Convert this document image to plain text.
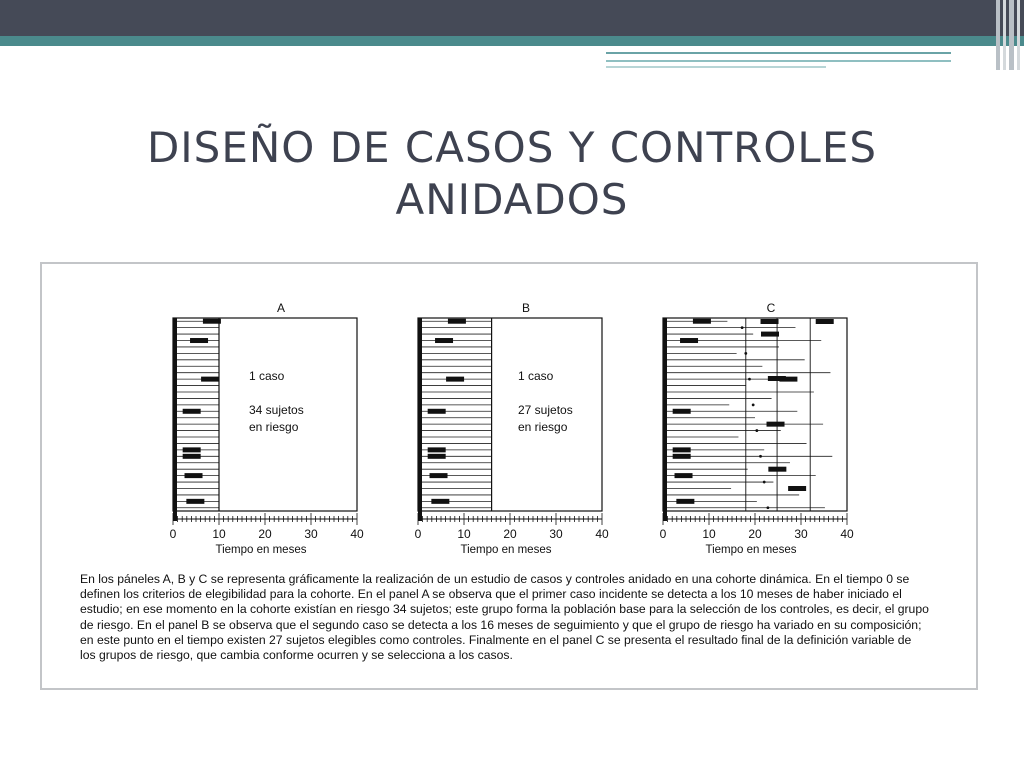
DISEÑO DE CASOS Y CONTROLES ANIDADOS
A
0	10	20	30	40
Tiempo en meses
1 caso
34 sujetos
en riesgo
B
0	10	20	30	40
Tiempo en meses
1 caso
27 sujetos
en riesgo
C
0	10	20	30	40
Tiempo en meses

En los páneles A, B y C se representa gráficamente la realización de un estudio de casos y controles anidado en una cohorte dinámica. En el tiempo 0 se

definen los criterios de elegibilidad para la cohorte. En el panel A se observa que el primer caso incidente se detecta a los 10 meses de haber iniciado el

estudio; en ese momento en la cohorte existían en riesgo 34 sujetos; este grupo forma la población base para la selección de los controles, es decir, el grupo

de riesgo. En el panel B se observa que el segundo caso se detecta a los 16 meses de seguimiento y que el grupo de riesgo ha variado en su composición;

en este punto en el tiempo existen 27 sujetos elegibles como controles. Finalmente en el panel C se presenta el resultado final de la definición variable de

los grupos de riesgo, que cambia conforme ocurren y se selecciona a los casos.
